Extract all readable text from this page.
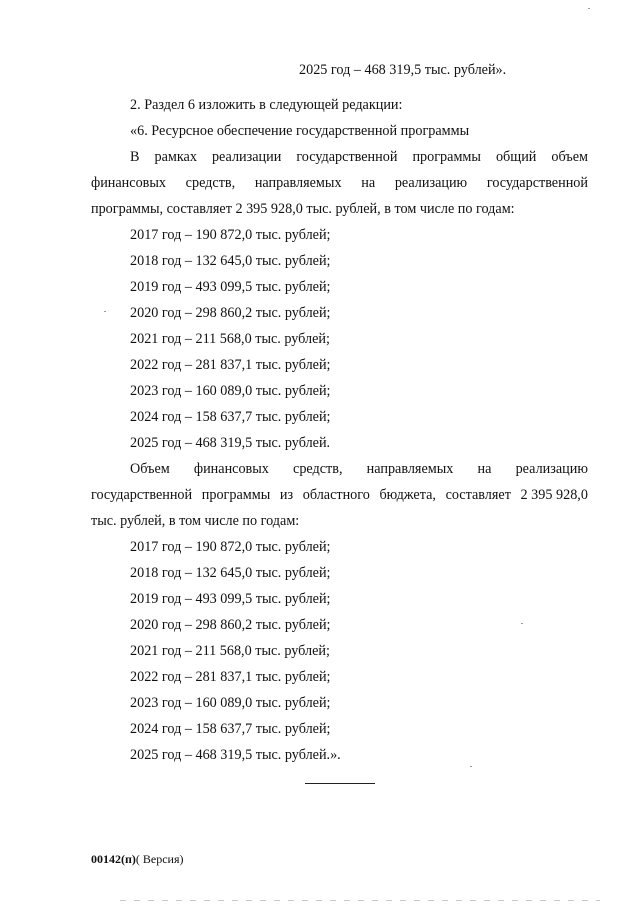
2025 год – 468 319,5 тыс. рублей».
2. Раздел 6 изложить в следующей редакции:
«6. Ресурсное обеспечение государственной программы
В рамках реализации государственной программы общий объем
финансовых средств, направляемых на реализацию государственной
программы, составляет 2 395 928,0 тыс. рублей, в том числе по годам:
2017 год – 190 872,0 тыс. рублей;
2018 год – 132 645,0 тыс. рублей;
2019 год – 493 099,5 тыс. рублей;
2020 год – 298 860,2 тыс. рублей;
2021 год – 211 568,0 тыс. рублей;
2022 год – 281 837,1 тыс. рублей;
2023 год – 160 089,0 тыс. рублей;
2024 год – 158 637,7 тыс. рублей;
2025 год – 468 319,5 тыс. рублей.
Объем финансовых средств, направляемых на реализацию
государственной программы из областного бюджета, составляет 2 395 928,0
тыс. рублей, в том числе по годам:
2017 год – 190 872,0 тыс. рублей;
2018 год – 132 645,0 тыс. рублей;
2019 год – 493 099,5 тыс. рублей;
2020 год – 298 860,2 тыс. рублей;
2021 год – 211 568,0 тыс. рублей;
2022 год – 281 837,1 тыс. рублей;
2023 год – 160 089,0 тыс. рублей;
2024 год – 158 637,7 тыс. рублей;
2025 год – 468 319,5 тыс. рублей.».
00142(п)( Версия)
